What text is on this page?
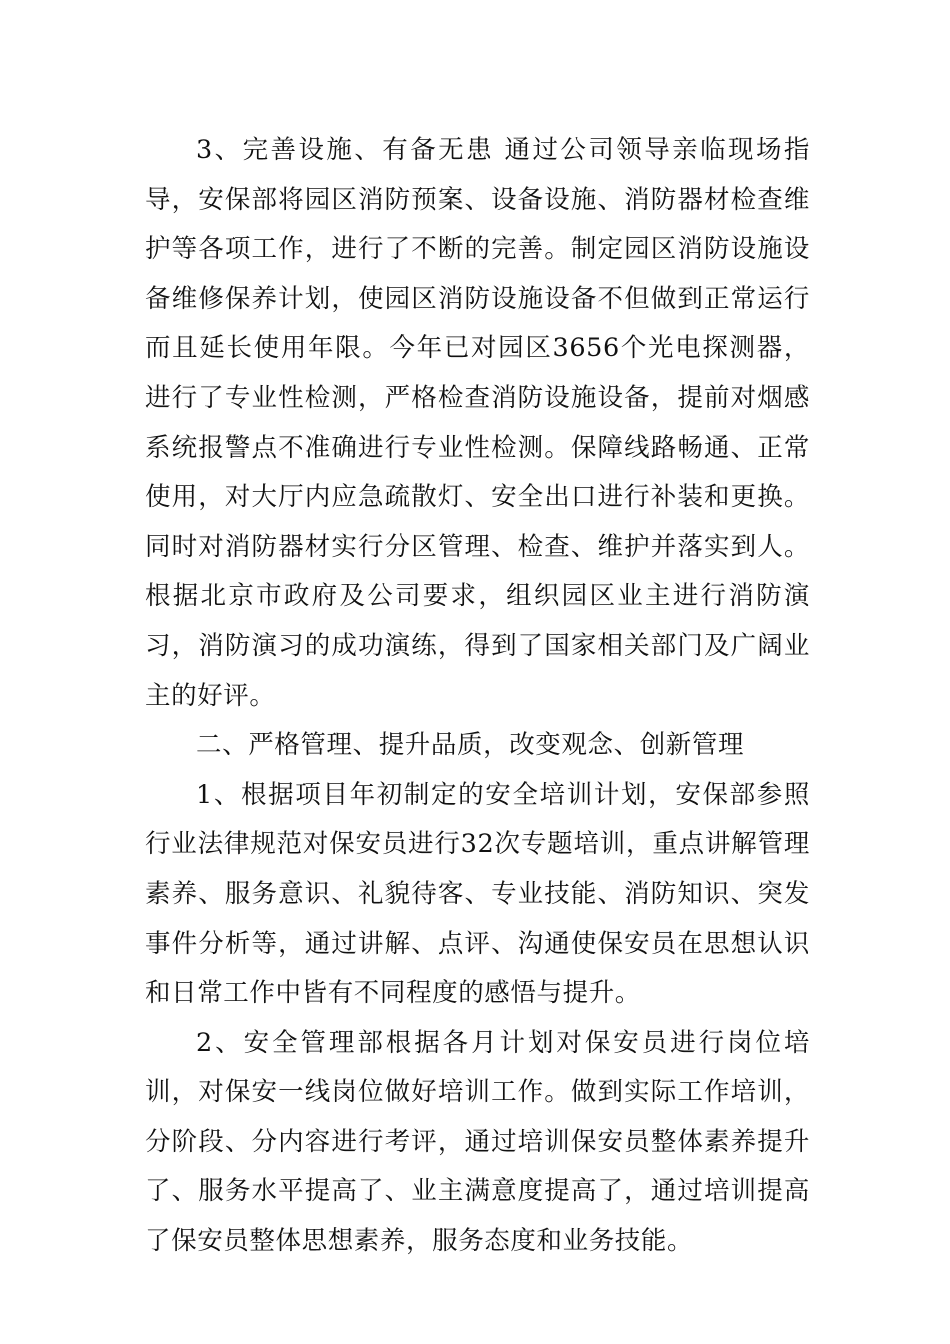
3、完善设施、有备无患 通过公司领导亲临现场指导，安保部将园区消防预案、设备设施、消防器材检查维护等各项工作，进行了不断的完善。制定园区消防设施设备维修保养计划，使园区消防设施设备不但做到正常运行而且延长使用年限。今年已对园区3656个光电探测器，进行了专业性检测，严格检查消防设施设备，提前对烟感系统报警点不准确进行专业性检测。保障线路畅通、正常使用，对大厅内应急疏散灯、安全出口进行补装和更换。同时对消防器材实行分区管理、检查、维护并落实到人。根据北京市政府及公司要求，组织园区业主进行消防演习，消防演习的成功演练，得到了国家相关部门及广阔业主的好评。

二、严格管理、提升品质，改变观念、创新管理

1、根据项目年初制定的安全培训计划，安保部参照行业法律规范对保安员进行32次专题培训，重点讲解管理素养、服务意识、礼貌待客、专业技能、消防知识、突发事件分析等，通过讲解、点评、沟通使保安员在思想认识和日常工作中皆有不同程度的感悟与提升。

2、安全管理部根据各月计划对保安员进行岗位培训，对保安一线岗位做好培训工作。做到实际工作培训，分阶段、分内容进行考评，通过培训保安员整体素养提升了、服务水平提高了、业主满意度提高了，通过培训提高了保安员整体思想素养，服务态度和业务技能。
